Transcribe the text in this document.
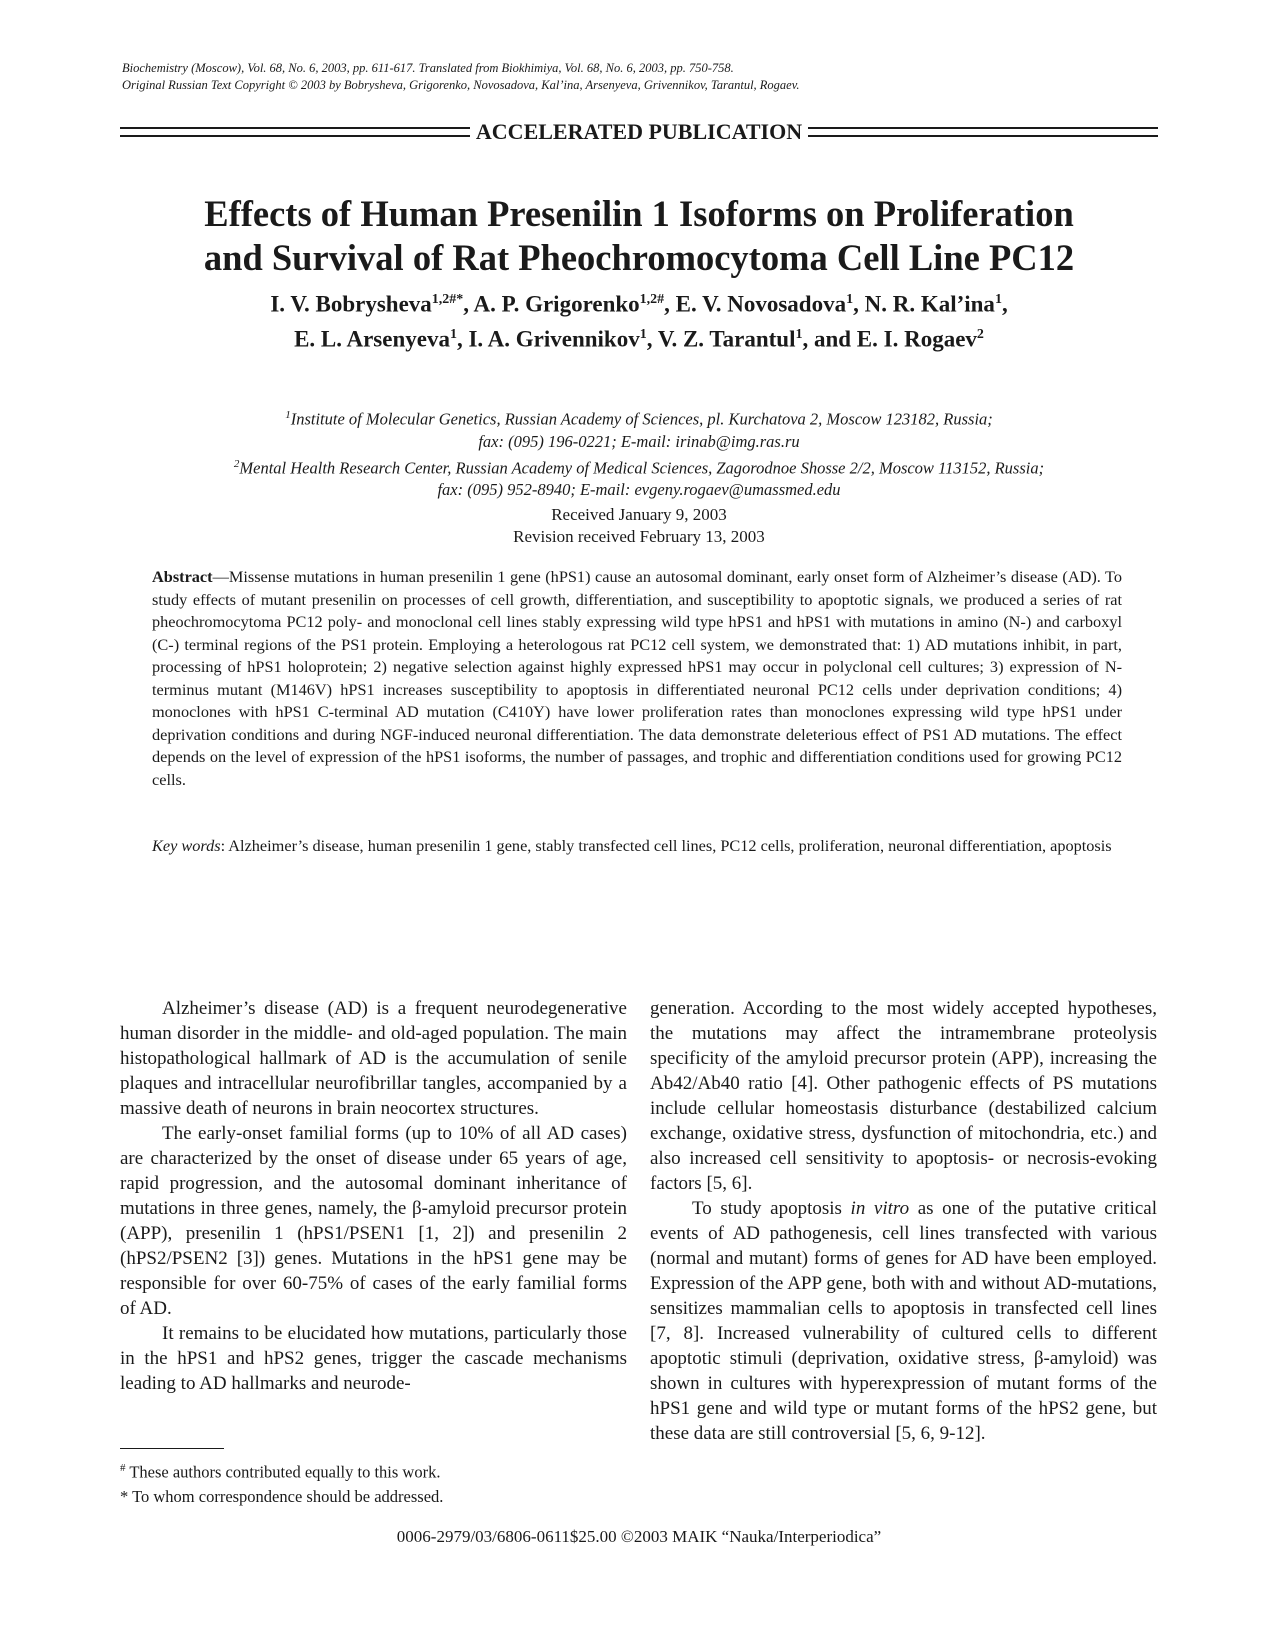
Biochemistry (Moscow), Vol. 68, No. 6, 2003, pp. 611-617. Translated from Biokhimiya, Vol. 68, No. 6, 2003, pp. 750-758.
Original Russian Text Copyright © 2003 by Bobrysheva, Grigorenko, Novosadova, Kal’ina, Arsenyeva, Grivennikov, Tarantul, Rogaev.
ACCELERATED PUBLICATION
Effects of Human Presenilin 1 Isoforms on Proliferation
and Survival of Rat Pheochromocytoma Cell Line PC12
I. V. Bobrysheva$^{1,2\#*}$, A. P. Grigorenko$^{1,2\#}$, E. V. Novosadova$^1$, N. R. Kal’ina$^1$,
E. L. Arsenyeva$^1$, I. A. Grivennikov$^1$, V. Z. Tarantul$^1$, and E. I. Rogaev$^2$
$^1$Institute of Molecular Genetics, Russian Academy of Sciences, pl. Kurchatova 2, Moscow 123182, Russia;
fax: (095) 196-0221; E-mail: irinab@img.ras.ru
$^2$Mental Health Research Center, Russian Academy of Medical Sciences, Zagorodnoe Shosse 2/2, Moscow 113152, Russia;
fax: (095) 952-8940; E-mail: evgeny.rogaev@umassmed.edu
Received January 9, 2003
Revision received February 13, 2003
Abstract—Missense mutations in human presenilin 1 gene (hPS1) cause an autosomal dominant, early onset form of Alzheimer’s disease (AD). To study effects of mutant presenilin on processes of cell growth, differentiation, and susceptibility to apoptotic signals, we produced a series of rat pheochromocytoma PC12 poly- and monoclonal cell lines stably expressing wild type hPS1 and hPS1 with mutations in amino (N-) and carboxyl (C-) terminal regions of the PS1 protein. Employing a heterologous rat PC12 cell system, we demonstrated that: 1) AD mutations inhibit, in part, processing of hPS1 holoprotein; 2) negative selection against highly expressed hPS1 may occur in polyclonal cell cultures; 3) expression of N-terminus mutant (M146V) hPS1 increases susceptibility to apoptosis in differentiated neuronal PC12 cells under deprivation conditions; 4) monoclones with hPS1 C-terminal AD mutation (C410Y) have lower proliferation rates than monoclones expressing wild type hPS1 under deprivation conditions and during NGF-induced neuronal differentiation. The data demonstrate deleterious effect of PS1 AD mutations. The effect depends on the level of expression of the hPS1 isoforms, the number of passages, and trophic and differentiation conditions used for growing PC12 cells.
Key words: Alzheimer’s disease, human presenilin 1 gene, stably transfected cell lines, PC12 cells, proliferation, neuronal differentiation, apoptosis

Alzheimer’s disease (AD) is a frequent neurodegenerative human disorder in the middle- and old-aged population. The main histopathological hallmark of AD is the accumulation of senile plaques and intracellular neurofibrillar tangles, accompanied by a massive death of neurons in brain neocortex structures.

The early-onset familial forms (up to 10% of all AD cases) are characterized by the onset of disease under 65 years of age, rapid progression, and the autosomal dominant inheritance of mutations in three genes, namely, the β-amyloid precursor protein (APP), presenilin 1 (hPS1/PSEN1 [1, 2]) and presenilin 2 (hPS2/PSEN2 [3]) genes. Mutations in the hPS1 gene may be responsible for over 60-75% of cases of the early familial forms of AD.

It remains to be elucidated how mutations, particularly those in the hPS1 and hPS2 genes, trigger the cascade mechanisms leading to AD hallmarks and neurode-

generation. According to the most widely accepted hypotheses, the mutations may affect the intramembrane proteolysis specificity of the amyloid precursor protein (APP), increasing the Ab42/Ab40 ratio [4]. Other pathogenic effects of PS mutations include cellular homeostasis disturbance (destabilized calcium exchange, oxidative stress, dysfunction of mitochondria, etc.) and also increased cell sensitivity to apoptosis- or necrosis-evoking factors [5, 6].

To study apoptosis in vitro as one of the putative critical events of AD pathogenesis, cell lines transfected with various (normal and mutant) forms of genes for AD have been employed. Expression of the APP gene, both with and without AD-mutations, sensitizes mammalian cells to apoptosis in transfected cell lines [7, 8]. Increased vulnerability of cultured cells to different apoptotic stimuli (deprivation, oxidative stress, β-amyloid) was shown in cultures with hyperexpression of mutant forms of the hPS1 gene and wild type or mutant forms of the hPS2 gene, but these data are still controversial [5, 6, 9-12].

# These authors contributed equally to this work.
* To whom correspondence should be addressed.
0006-2979/03/6806-0611$25.00 ©2003 MAIK “Nauka/Interperiodica”
